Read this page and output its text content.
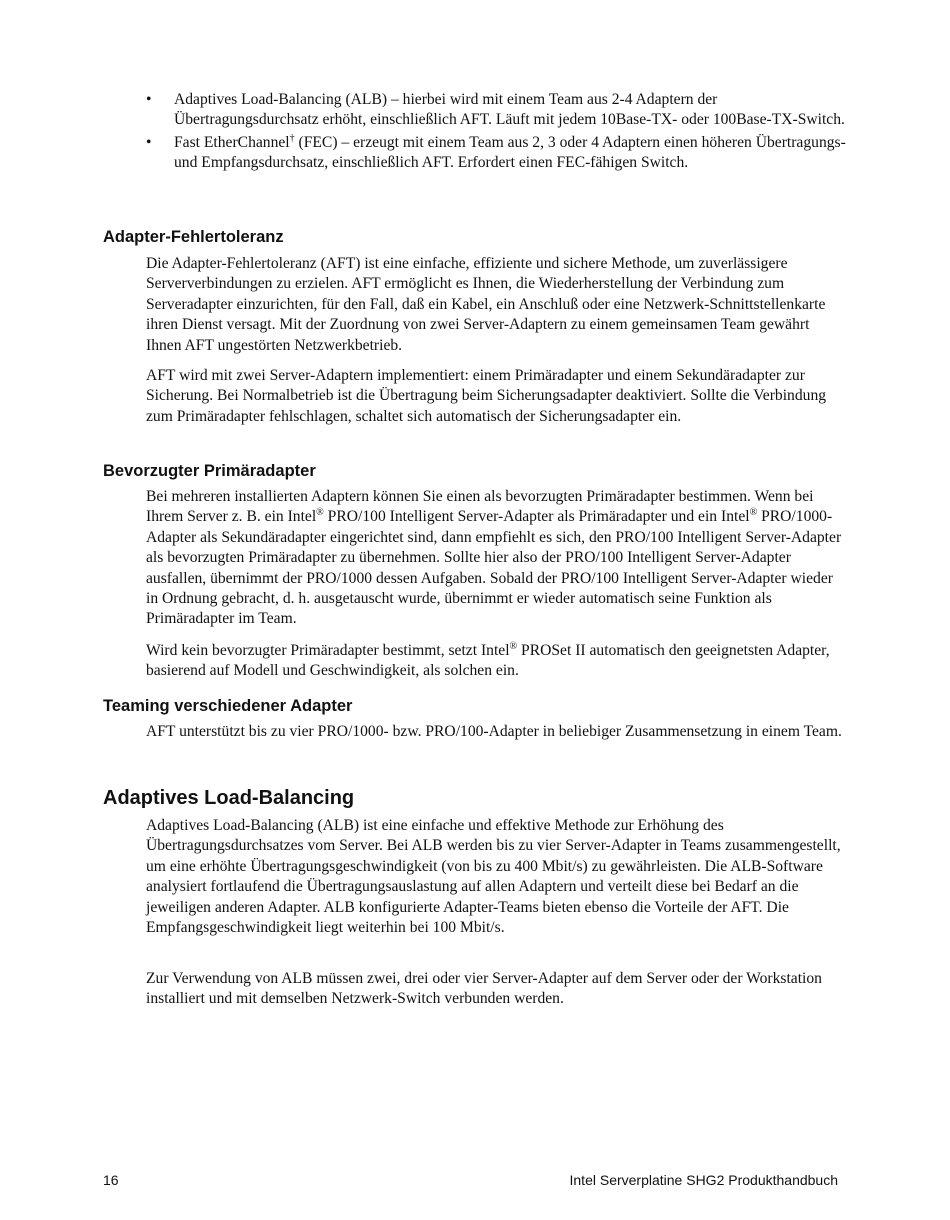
• Adaptives Load-Balancing (ALB) – hierbei wird mit einem Team aus 2-4 Adaptern der Übertragungsdurchsatz erhöht, einschließlich AFT. Läuft mit jedem 10Base-TX- oder 100Base-TX-Switch.
• Fast EtherChannel† (FEC) – erzeugt mit einem Team aus 2, 3 oder 4 Adaptern einen höheren Übertragungs- und Empfangsdurchsatz, einschließlich AFT. Erfordert einen FEC-fähigen Switch.
Adapter-Fehlertoleranz

Die Adapter-Fehlertoleranz (AFT) ist eine einfache, effiziente und sichere Methode, um zuverlässigere Serververbindungen zu erzielen. AFT ermöglicht es Ihnen, die Wiederherstellung der Verbindung zum Serveradapter einzurichten, für den Fall, daß ein Kabel, ein Anschluß oder eine Netzwerk-Schnittstellenkarte ihren Dienst versagt. Mit der Zuordnung von zwei Server-Adaptern zu einem gemeinsamen Team gewährt Ihnen AFT ungestörten Netzwerkbetrieb.

AFT wird mit zwei Server-Adaptern implementiert: einem Primäradapter und einem Sekundäradapter zur Sicherung. Bei Normalbetrieb ist die Übertragung beim Sicherungsadapter deaktiviert. Sollte die Verbindung zum Primäradapter fehlschlagen, schaltet sich automatisch der Sicherungsadapter ein.

Bevorzugter Primäradapter

Bei mehreren installierten Adaptern können Sie einen als bevorzugten Primäradapter bestimmen. Wenn bei Ihrem Server z. B. ein Intel® PRO/100 Intelligent Server-Adapter als Primäradapter und ein Intel® PRO/1000-Adapter als Sekundäradapter eingerichtet sind, dann empfiehlt es sich, den PRO/100 Intelligent Server-Adapter als bevorzugten Primäradapter zu übernehmen. Sollte hier also der PRO/100 Intelligent Server-Adapter ausfallen, übernimmt der PRO/1000 dessen Aufgaben. Sobald der PRO/100 Intelligent Server-Adapter wieder in Ordnung gebracht, d. h. ausgetauscht wurde, übernimmt er wieder automatisch seine Funktion als Primäradapter im Team.

Wird kein bevorzugter Primäradapter bestimmt, setzt Intel® PROSet II automatisch den geeignetsten Adapter, basierend auf Modell und Geschwindigkeit, als solchen ein.

Teaming verschiedener Adapter

AFT unterstützt bis zu vier PRO/1000- bzw. PRO/100-Adapter in beliebiger Zusammensetzung in einem Team.

Adaptives Load-Balancing

Adaptives Load-Balancing (ALB) ist eine einfache und effektive Methode zur Erhöhung des Übertragungsdurchsatzes vom Server. Bei ALB werden bis zu vier Server-Adapter in Teams zusammengestellt, um eine erhöhte Übertragungsgeschwindigkeit (von bis zu 400 Mbit/s) zu gewährleisten. Die ALB-Software analysiert fortlaufend die Übertragungsauslastung auf allen Adaptern und verteilt diese bei Bedarf an die jeweiligen anderen Adapter. ALB konfigurierte Adapter-Teams bieten ebenso die Vorteile der AFT. Die Empfangsgeschwindigkeit liegt weiterhin bei 100 Mbit/s.

Zur Verwendung von ALB müssen zwei, drei oder vier Server-Adapter auf dem Server oder der Workstation installiert und mit demselben Netzwerk-Switch verbunden werden.

16	Intel Serverplatine SHG2 Produkthandbuch
